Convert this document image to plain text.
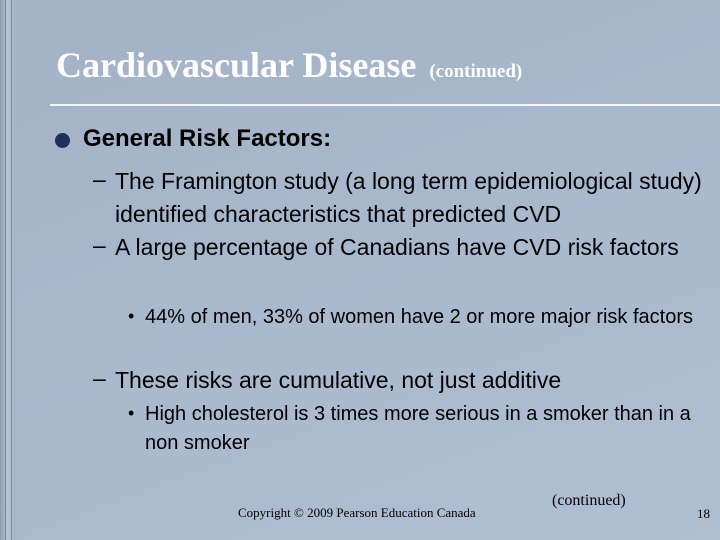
Cardiovascular Disease (continued)
General Risk Factors:
– The Framington study (a long term epidemiological study) identified characteristics that predicted CVD
– A large percentage of Canadians have CVD risk factors
• 44% of men, 33% of women have 2 or more major risk factors
– These risks are cumulative, not just additive
• High cholesterol is 3 times more serious in a smoker than in a non smoker
Copyright © 2009 Pearson Education Canada
(continued)
18
